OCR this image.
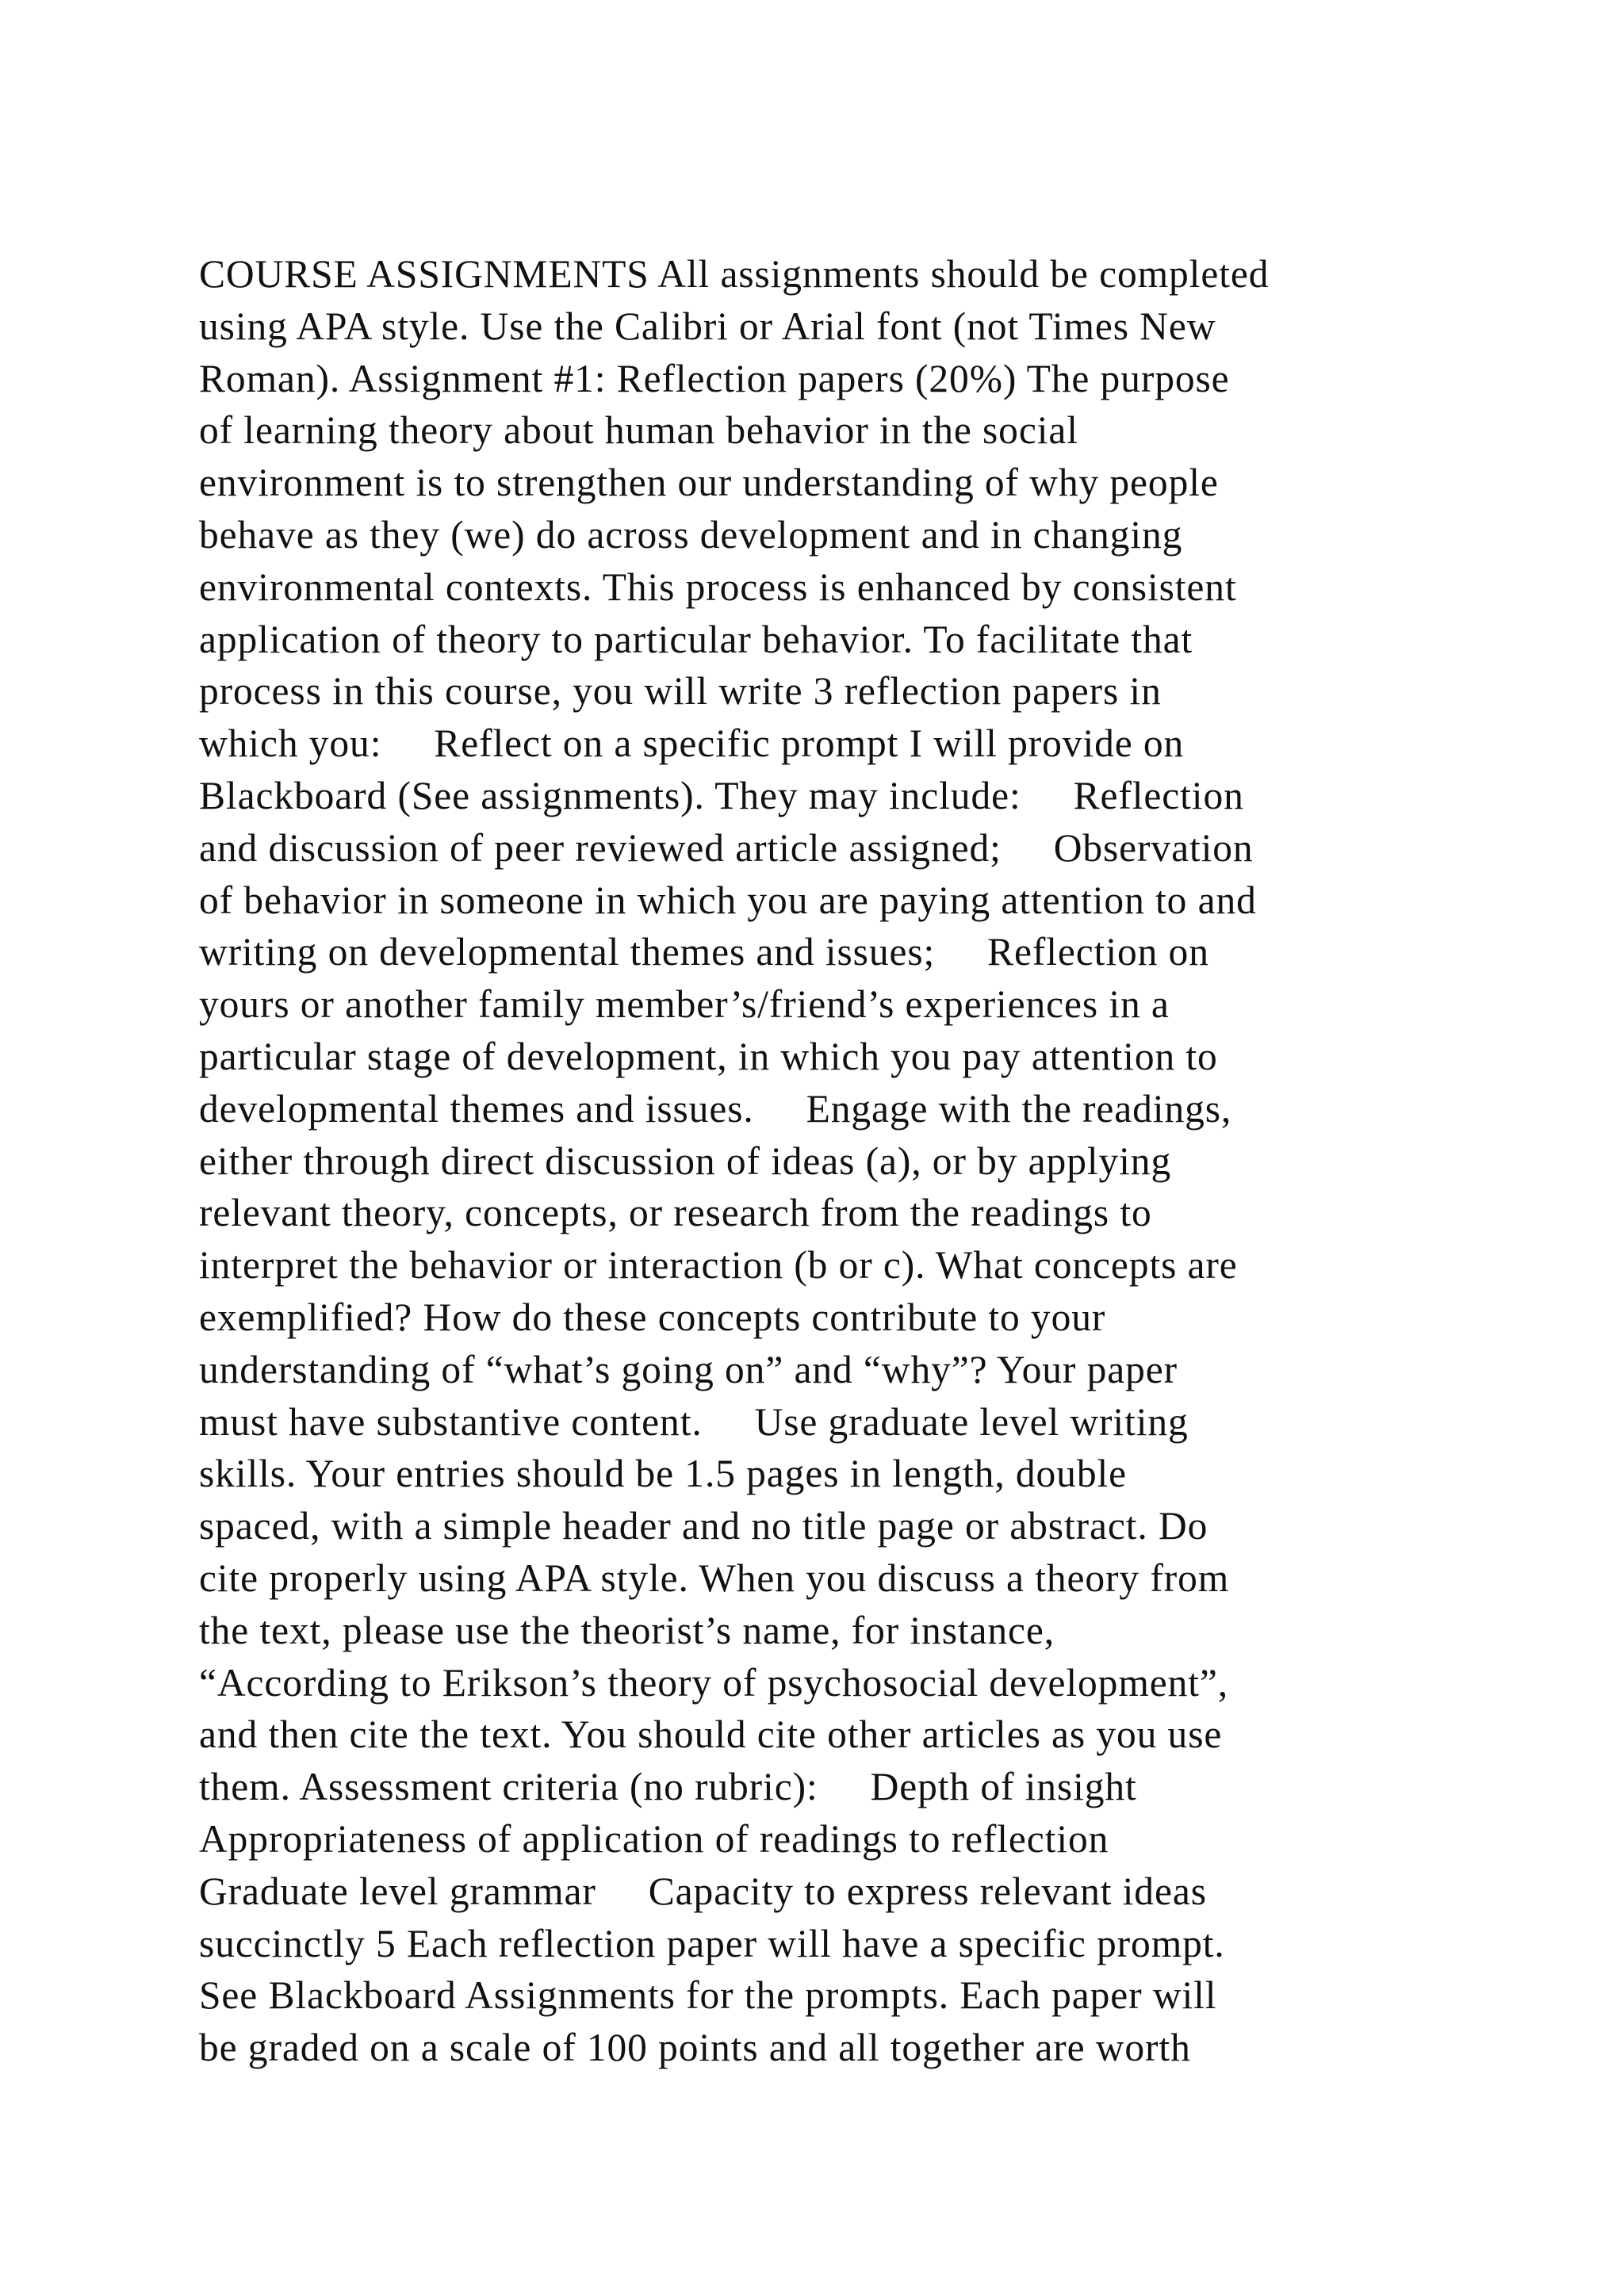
COURSE ASSIGNMENTS All assignments should be completed
using APA style. Use the Calibri or Arial font (not Times New
Roman). Assignment #1: Reflection papers (20%) The purpose
of learning theory about human behavior in the social
environment is to strengthen our understanding of why people
behave as they (we) do across development and in changing
environmental contexts. This process is enhanced by consistent
application of theory to particular behavior. To facilitate that
process in this course, you will write 3 reflection papers in
which you: Reflect on a specific prompt I will provide on
Blackboard (See assignments). They may include: Reflection
and discussion of peer reviewed article assigned; Observation
of behavior in someone in which you are paying attention to and
writing on developmental themes and issues; Reflection on
yours or another family member’s/friend’s experiences in a
particular stage of development, in which you pay attention to
developmental themes and issues. Engage with the readings,
either through direct discussion of ideas (a), or by applying
relevant theory, concepts, or research from the readings to
interpret the behavior or interaction (b or c). What concepts are
exemplified? How do these concepts contribute to your
understanding of “what’s going on” and “why”? Your paper
must have substantive content. Use graduate level writing
skills. Your entries should be 1.5 pages in length, double
spaced, with a simple header and no title page or abstract. Do
cite properly using APA style. When you discuss a theory from
the text, please use the theorist’s name, for instance,
“According to Erikson’s theory of psychosocial development”,
and then cite the text. You should cite other articles as you use
them. Assessment criteria (no rubric): Depth of insight
Appropriateness of application of readings to reflection
Graduate level grammar Capacity to express relevant ideas
succinctly 5 Each reflection paper will have a specific prompt.
See Blackboard Assignments for the prompts. Each paper will
be graded on a scale of 100 points and all together are worth
